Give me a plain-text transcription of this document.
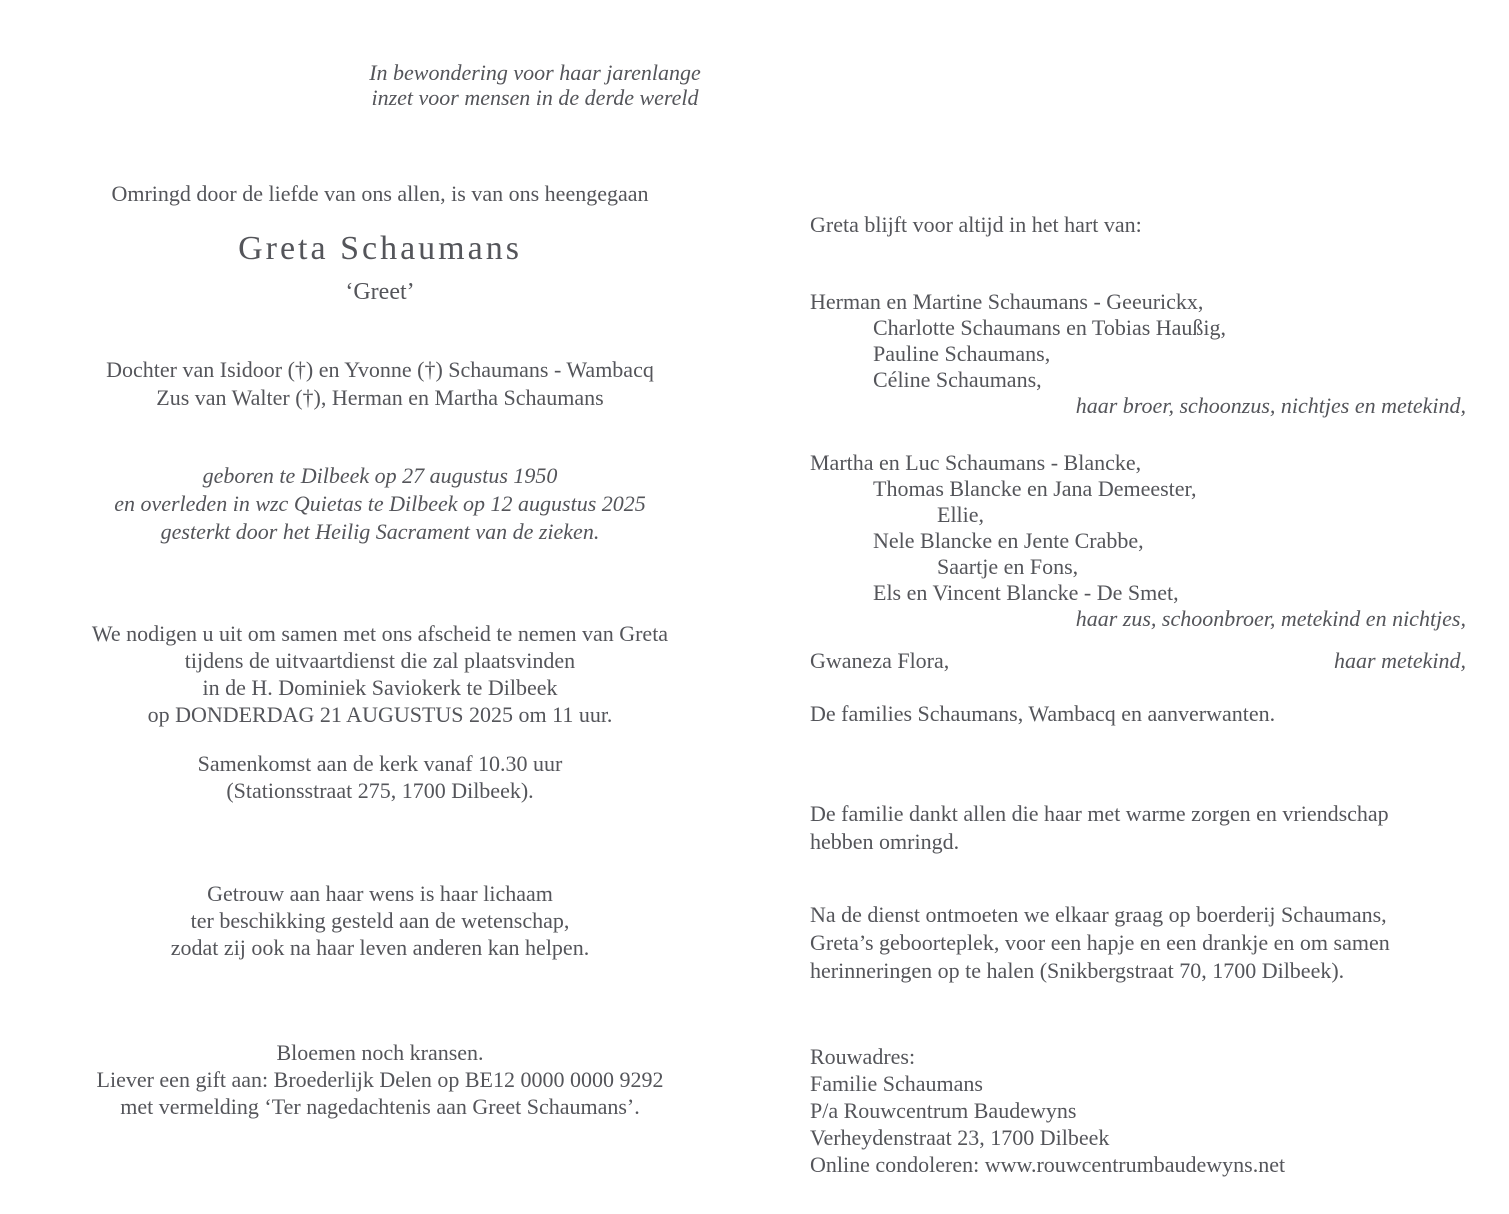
In bewondering voor haar jarenlange
inzet voor mensen in de derde wereld
Omringd door de liefde van ons allen, is van ons heengegaan
Greta Schaumans
‘Greet’
Dochter van Isidoor (†) en Yvonne (†) Schaumans - Wambacq
Zus van Walter (†), Herman en Martha Schaumans
geboren te Dilbeek op 27 augustus 1950
en overleden in wzc Quietas te Dilbeek op 12 augustus 2025
gesterkt door het Heilig Sacrament van de zieken.
We nodigen u uit om samen met ons afscheid te nemen van Greta
tijdens de uitvaartdienst die zal plaatsvinden
in de H. Dominiek Saviokerk te Dilbeek
op DONDERDAG 21 AUGUSTUS 2025 om 11 uur.
Samenkomst aan de kerk vanaf 10.30 uur
(Stationsstraat 275, 1700 Dilbeek).
Getrouw aan haar wens is haar lichaam
ter beschikking gesteld aan de wetenschap,
zodat zij ook na haar leven anderen kan helpen.
Bloemen noch kransen.
Liever een gift aan: Broederlijk Delen op BE12 0000 0000 9292
met vermelding ‘Ter nagedachtenis aan Greet Schaumans’.
Greta blijft voor altijd in het hart van:
Herman en Martine Schaumans - Geeurickx,
Charlotte Schaumans en Tobias Haußig,
Pauline Schaumans,
Céline Schaumans,
haar broer, schoonzus, nichtjes en metekind,
Martha en Luc Schaumans - Blancke,
Thomas Blancke en Jana Demeester,
Ellie,
Nele Blancke en Jente Crabbe,
Saartje en Fons,
Els en Vincent Blancke - De Smet,
haar zus, schoonbroer, metekind en nichtjes,
Gwaneza Flora,	haar metekind,
De families Schaumans, Wambacq en aanverwanten.
De familie dankt allen die haar met warme zorgen en vriendschap
hebben omringd.
Na de dienst ontmoeten we elkaar graag op boerderij Schaumans,
Greta’s geboorteplek, voor een hapje en een drankje en om samen
herinneringen op te halen (Snikbergstraat 70, 1700 Dilbeek).
Rouwadres:
Familie Schaumans
P/a Rouwcentrum Baudewyns
Verheydenstraat 23, 1700 Dilbeek
Online condoleren: www.rouwcentrumbaudewyns.net
